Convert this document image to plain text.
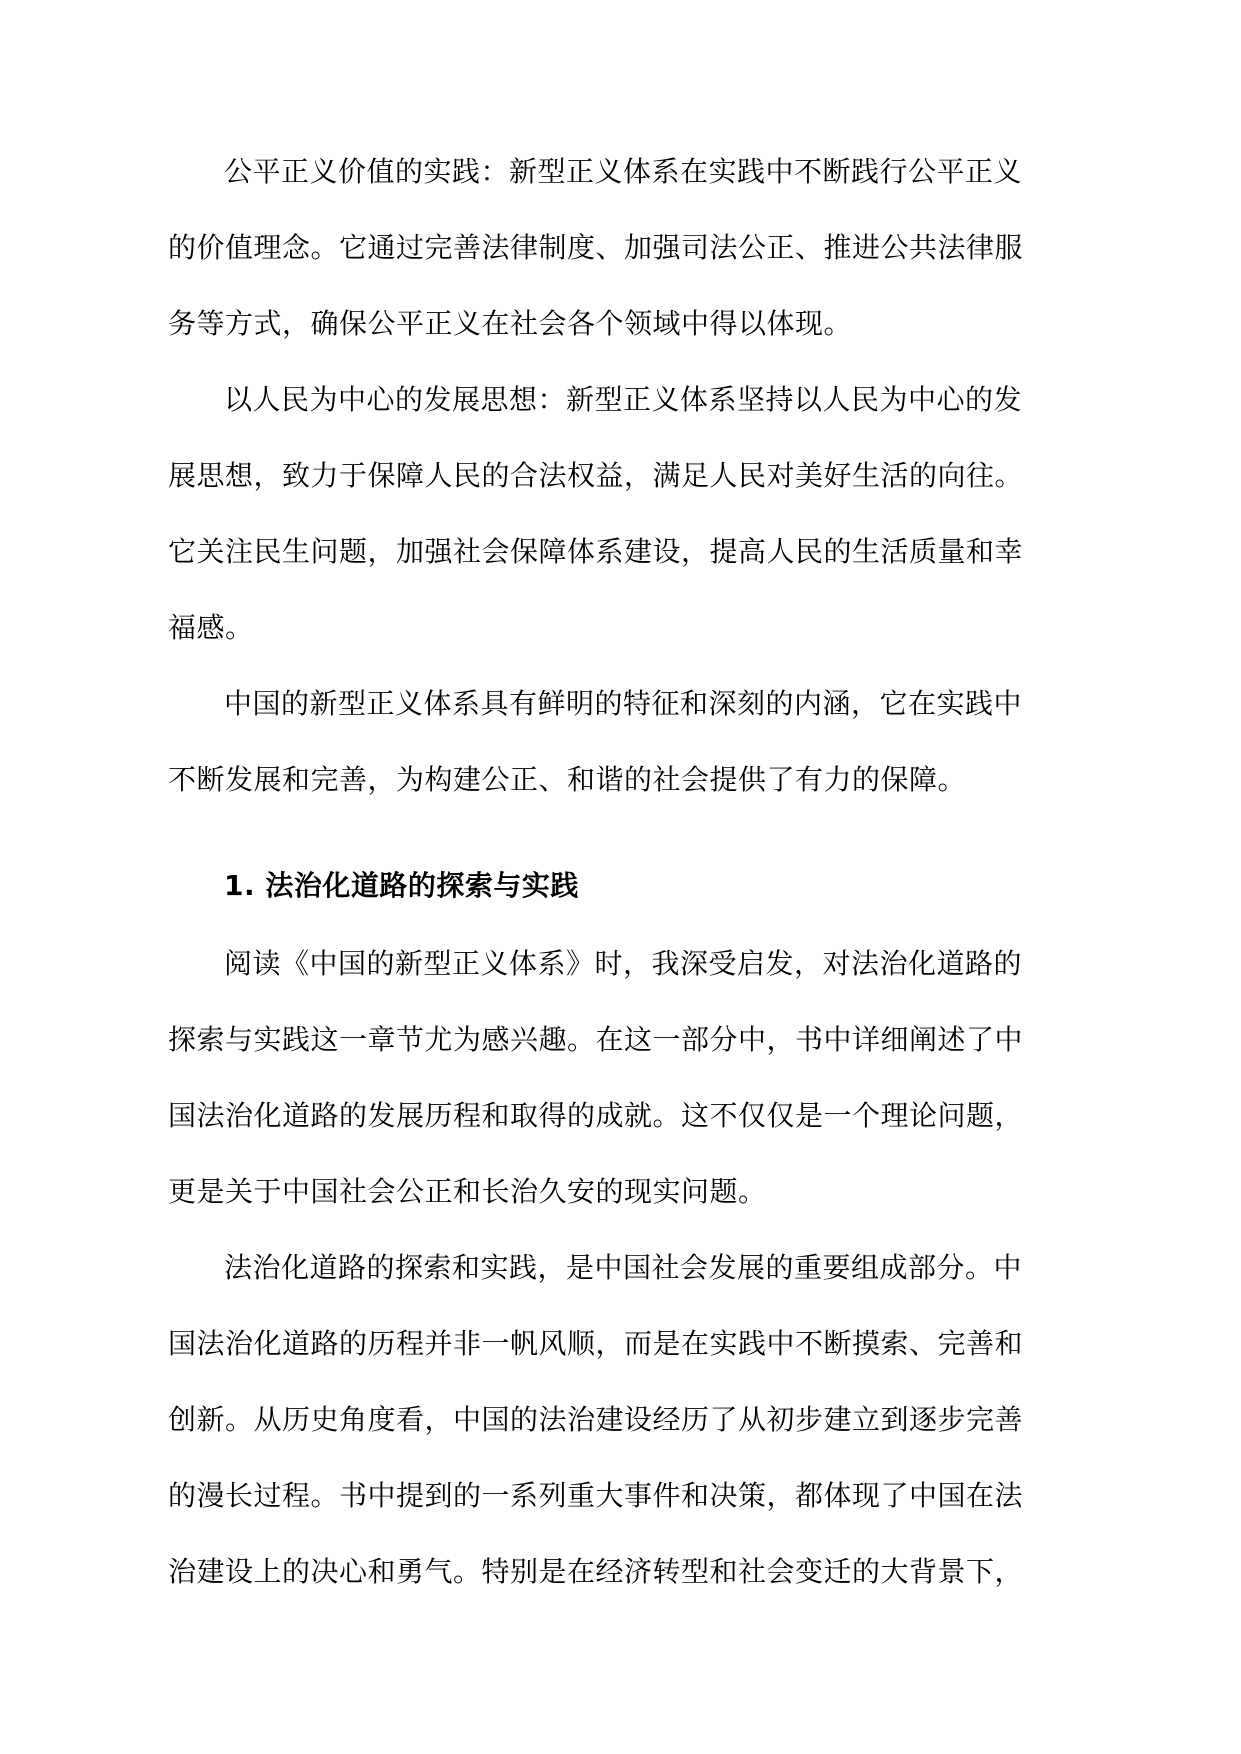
公平正义价值的实践：新型正义体系在实践中不断践行公平正义

的价值理念。它通过完善法律制度、加强司法公正、推进公共法律服

务等方式，确保公平正义在社会各个领域中得以体现。

以人民为中心的发展思想：新型正义体系坚持以人民为中心的发

展思想，致力于保障人民的合法权益，满足人民对美好生活的向往。

它关注民生问题，加强社会保障体系建设，提高人民的生活质量和幸

福感。

中国的新型正义体系具有鲜明的特征和深刻的内涵，它在实践中

不断发展和完善，为构建公正、和谐的社会提供了有力的保障。

1. 法治化道路的探索与实践

阅读《中国的新型正义体系》时，我深受启发，对法治化道路的

探索与实践这一章节尤为感兴趣。在这一部分中，书中详细阐述了中

国法治化道路的发展历程和取得的成就。这不仅仅是一个理论问题，

更是关于中国社会公正和长治久安的现实问题。

法治化道路的探索和实践，是中国社会发展的重要组成部分。中

国法治化道路的历程并非一帆风顺，而是在实践中不断摸索、完善和

创新。从历史角度看，中国的法治建设经历了从初步建立到逐步完善

的漫长过程。书中提到的一系列重大事件和决策，都体现了中国在法

治建设上的决心和勇气。特别是在经济转型和社会变迁的大背景下，
